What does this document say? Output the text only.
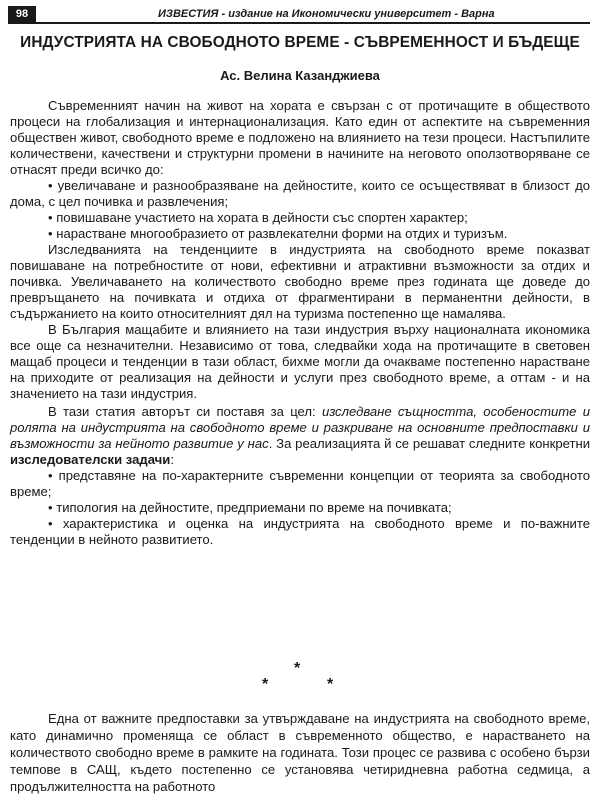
98	ИЗВЕСТИЯ - издание на Икономически университет - Варна
ИНДУСТРИЯТА НА СВОБОДНОТО ВРЕМЕ - СЪВРЕМЕННОСТ И БЪДЕЩЕ
Ас. Велина Казанджиева

Съвременният начин на живот на хората е свързан с от протичащите в обществото процеси на глобализация и интернационализация. Като един от аспектите на съвременния обществен живот, свободното време е подложено на влиянието на тези процеси. Настъпилите количествени, качествени и структурни промени в начините на неговото оползотворяване се отнасят преди всичко до:

• увеличаване и разнообразяване на дейностите, които се осъществяват в близост до дома, с цел почивка и развлечения;

• повишаване участието на хората в дейности със спортен характер;

• нарастване многообразието от развлекателни форми на отдих и туризъм.

Изследванията на тенденциите в индустрията на свободното време показват повишаване на потребностите от нови, ефективни и атрактивни възможности за отдих и почивка. Увеличаването на количеството свободно време през годината ще доведе до превръщането на почивката и отдиха от фрагментирани в перманентни дейности, в съдържанието на които относителният дял на туризма постепенно ще намалява.

В България мащабите и влиянието на тази индустрия върху националната икономика все още са незначителни. Независимо от това, следвайки хода на протичащите в световен мащаб процеси и тенденции в тази област, бихме могли да очакваме постепенно нарастване на приходите от реализация на дейности и услуги през свободното време, а оттам - и на значението на тази индустрия.

В тази статия авторът си поставя за цел: изследване същността, особеностите и ролята на индустрията на свободното време и разкриване на основните предпоставки и възможности за нейното развитие у нас. За реализацията й се решават следните конкретни изследователски задачи:

• представяне на по-характерните съвременни концепции от теорията за свободното време;

• типология на дейностите, предприемани по време на почивката;

• характеристика и оценка на индустрията на свободното време и по-важните тенденции в нейното развитието.

*
*	*

Една от важните предпоставки за утвърждаване на индустрията на свободното време, като динамично променяща се област в съвременното общество, е нарастването на количеството свободно време в рамките на годината. Този процес се развива с особено бързи темпове в САЩ, където постепенно се установява четиридневна работна седмица, а продължителността на работното
